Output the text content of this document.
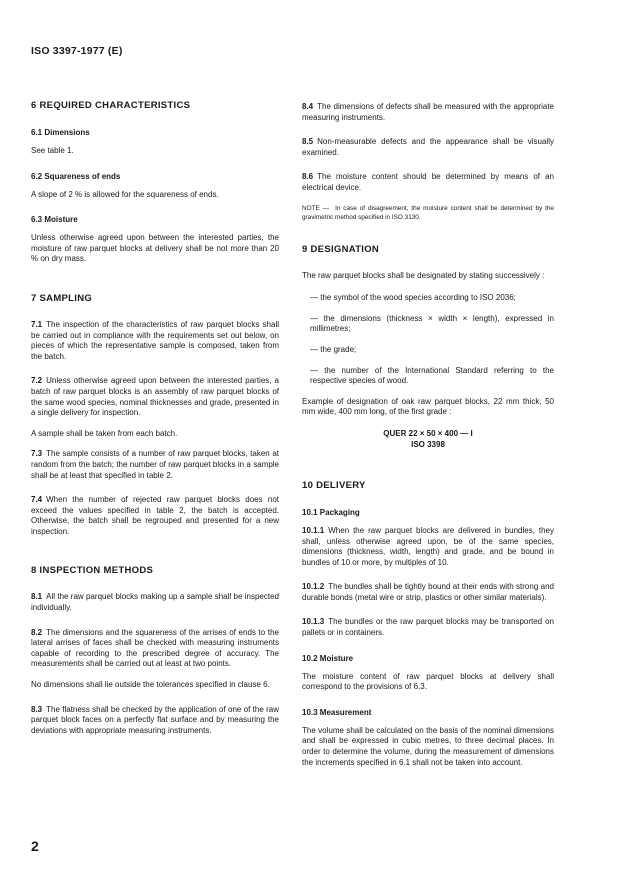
ISO 3397-1977 (E)
6 REQUIRED CHARACTERISTICS
6.1 Dimensions

See table 1.

6.2 Squareness of ends

A slope of 2 % is allowed for the squareness of ends.

6.3 Moisture

Unless otherwise agreed upon between the interested parties, the moisture of raw parquet blocks at delivery shall be not more than 20 % on dry mass.

7 SAMPLING

7.1 The inspection of the characteristics of raw parquet blocks shall be carried out in compliance with the requirements set out below, on pieces of which the representative sample is composed, taken from the batch.

7.2 Unless otherwise agreed upon between the interested parties, a batch of raw parquet blocks is an assembly of raw parquet blocks of the same wood species, nominal thicknesses and grade, presented in a single delivery for inspection.

A sample shall be taken from each batch.

7.3 The sample consists of a number of raw parquet blocks, taken at random from the batch; the number of raw parquet blocks in a sample shall be at least that specified in table 2.

7.4 When the number of rejected raw parquet blocks does not exceed the values specified in table 2, the batch is accepted. Otherwise, the batch shall be regrouped and presented for a new inspection.

8 INSPECTION METHODS

8.1 All the raw parquet blocks making up a sample shall be inspected individually.

8.2 The dimensions and the squareness of the arrises of ends to the lateral arrises of faces shall be checked with measuring instruments capable of recording to the prescribed degree of accuracy. The measurements shall be carried out at least at two points.

No dimensions shall lie outside the tolerances specified in clause 6.

8.3 The flatness shall be checked by the application of one of the raw parquet block faces on a perfectly flat surface and by measuring the deviations with appropriate measuring instruments.

8.4 The dimensions of defects shall be measured with the appropriate measuring instruments.

8.5 Non-measurable defects and the appearance shall be visually examined.

8.6 The moisture content should be determined by means of an electrical device.

NOTE — In case of disagreement, the moisture content shall be determined by the gravimetric method specified in ISO 3130.

9 DESIGNATION

The raw parquet blocks shall be designated by stating successively :

— the symbol of the wood species according to ISO 2036;

— the dimensions (thickness × width × length), expressed in millimetres;

— the grade;

— the number of the International Standard referring to the respective species of wood.

Example of designation of oak raw parquet blocks, 22 mm thick, 50 mm wide, 400 mm long, of the first grade :

QUER 22 × 50 × 400 — I
ISO 3398
10 DELIVERY
10.1 Packaging

10.1.1 When the raw parquet blocks are delivered in bundles, they shall, unless otherwise agreed upon, be of the same species, dimensions (thickness, width, length) and grade, and be bound in bundles of 10 or more, by multiples of 10.

10.1.2 The bundles shall be tightly bound at their ends with strong and durable bonds (metal wire or strip, plastics or other similar materials).

10.1.3 The bundles or the raw parquet blocks may be transported on pallets or in containers.

10.2 Moisture

The moisture content of raw parquet blocks at delivery shall correspond to the provisions of 6.3.

10.3 Measurement

The volume shall be calculated on the basis of the nominal dimensions and shall be expressed in cubic metres, to three decimal places. In order to determine the volume, during the measurement of dimensions the increments specified in 6.1 shall not be taken into account.

2
